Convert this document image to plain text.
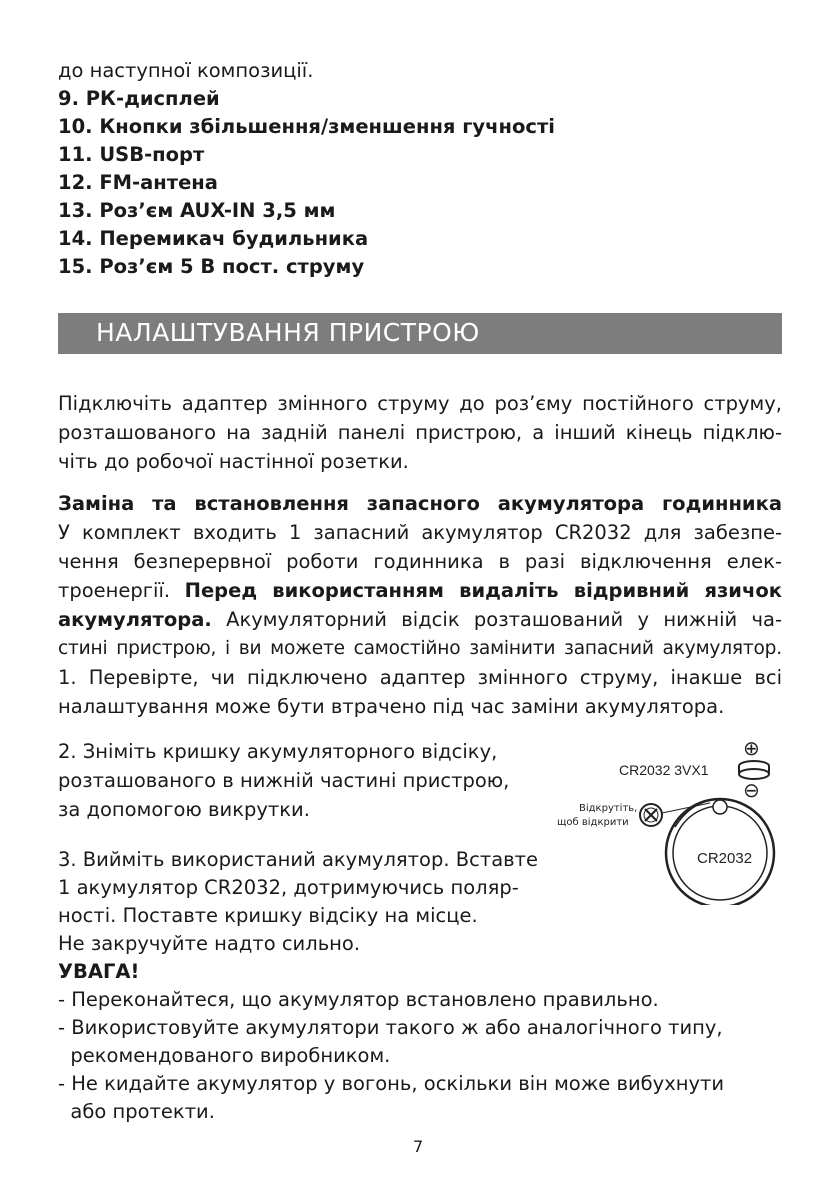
до наступної композиції.
9. РК-дисплей
10. Кнопки збільшення/зменшення гучності
11. USB-порт
12. FM-антена
13. Роз’єм AUX-IN 3,5 мм
14. Перемикач будильника
15. Роз’єм 5 В пост. струму
НАЛАШТУВАННЯ ПРИСТРОЮ
Підключіть адаптер змінного струму до роз’єму постійного струму,
розташованого на задній панелі пристрою, а інший кінець підклю-
чіть до робочої настінної розетки.
Заміна та встановлення запасного акумулятора годинника
У комплект входить 1 запасний акумулятор CR2032 для забезпе-
чення безперервної роботи годинника в разі відключення елек-
троенергії. Перед використанням видаліть відривний язичок
акумулятора. Акумуляторний відсік розташований у нижній ча-
стині пристрою, і ви можете самостійно замінити запасний акумулятор.
1. Перевірте, чи підключено адаптер змінного струму, інакше всі
налаштування може бути втрачено під час заміни акумулятора.
2. Зніміть кришку акумуляторного відсіку,
розташованого в нижній частині пристрою,
за допомогою викрутки.
3. Вийміть використаний акумулятор. Вставте
1 акумулятор CR2032, дотримуючись поляр-
ності. Поставте кришку відсіку на місце.
Не закручуйте надто сильно.
УВАГА!
- Переконайтеся, що акумулятор встановлено правильно.
- Використовуйте акумулятори такого ж або аналогічного типу,
рекомендованого виробником.
- Не кидайте акумулятор у вогонь, оскільки він може вибухнути
або протекти.
⊕
⊖
CR2032 3VX1
CR2032
Відкрутіть,
щоб відкрити
7
